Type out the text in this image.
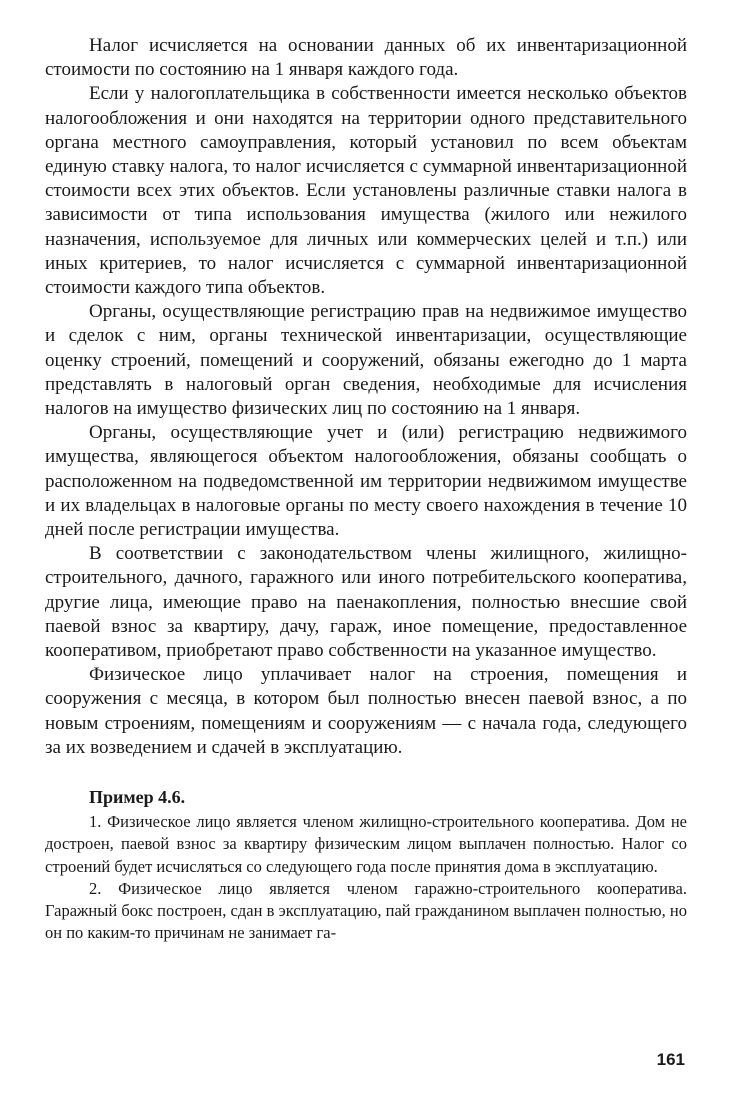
Налог исчисляется на основании данных об их инвентаризационной стоимости по состоянию на 1 января каждого года.

Если у налогоплательщика в собственности имеется несколько объектов налогообложения и они находятся на территории одного представительного органа местного самоуправления, который установил по всем объектам единую ставку налога, то налог исчисляется с суммарной инвентаризационной стоимости всех этих объектов. Если установлены различные ставки налога в зависимости от типа использования имущества (жилого или нежилого назначения, используемое для личных или коммерческих целей и т.п.) или иных критериев, то налог исчисляется с суммарной инвентаризационной стоимости каждого типа объектов.

Органы, осуществляющие регистрацию прав на недвижимое имущество и сделок с ним, органы технической инвентаризации, осуществляющие оценку строений, помещений и сооружений, обязаны ежегодно до 1 марта представлять в налоговый орган сведения, необходимые для исчисления налогов на имущество физических лиц по состоянию на 1 января.

Органы, осуществляющие учет и (или) регистрацию недвижимого имущества, являющегося объектом налогообложения, обязаны сообщать о расположенном на подведомственной им территории недвижимом имуществе и их владельцах в налоговые органы по месту своего нахождения в течение 10 дней после регистрации имущества.

В соответствии с законодательством члены жилищного, жилищно-строительного, дачного, гаражного или иного потребительского кооператива, другие лица, имеющие право на паенакопления, полностью внесшие свой паевой взнос за квартиру, дачу, гараж, иное помещение, предоставленное кооперативом, приобретают право собственности на указанное имущество.

Физическое лицо уплачивает налог на строения, помещения и сооружения с месяца, в котором был полностью внесен паевой взнос, а по новым строениям, помещениям и сооружениям — с начала года, следующего за их возведением и сдачей в эксплуатацию.

Пример 4.6.

1. Физическое лицо является членом жилищно-строительного кооператива. Дом не достроен, паевой взнос за квартиру физическим лицом выплачен полностью. Налог со строений будет исчисляться со следующего года после принятия дома в эксплуатацию.

2. Физическое лицо является членом гаражно-строительного кооператива. Гаражный бокс построен, сдан в эксплуатацию, пай гражданином выплачен полностью, но он по каким-то причинам не занимает га-

161
